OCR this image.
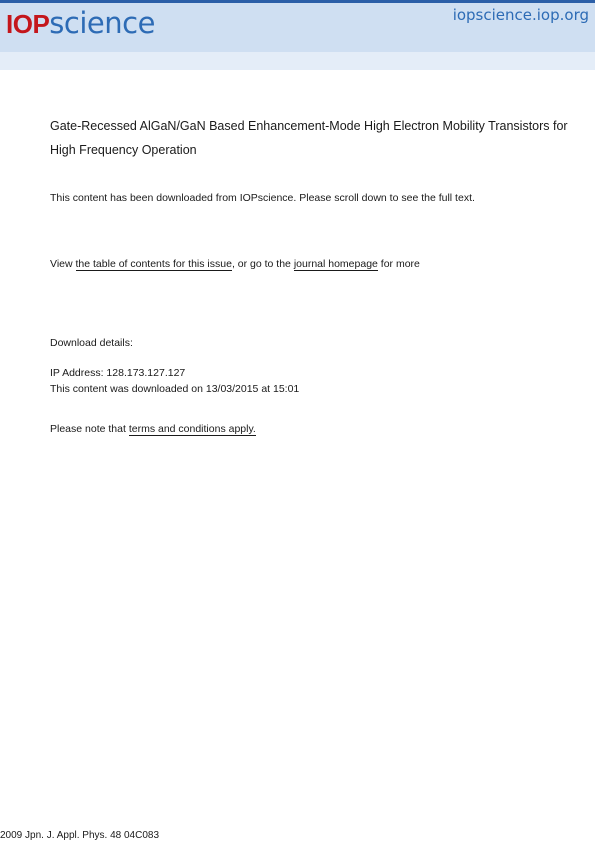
IOP science	iopscience.iop.org
Gate-Recessed AlGaN/GaN Based Enhancement-Mode High Electron Mobility Transistors for High Frequency Operation
This content has been downloaded from IOPscience. Please scroll down to see the full text.
View the table of contents for this issue, or go to the journal homepage for more
Download details:
IP Address: 128.173.127.127
This content was downloaded on 13/03/2015 at 15:01
Please note that terms and conditions apply.
2009 Jpn. J. Appl. Phys. 48 04C083
